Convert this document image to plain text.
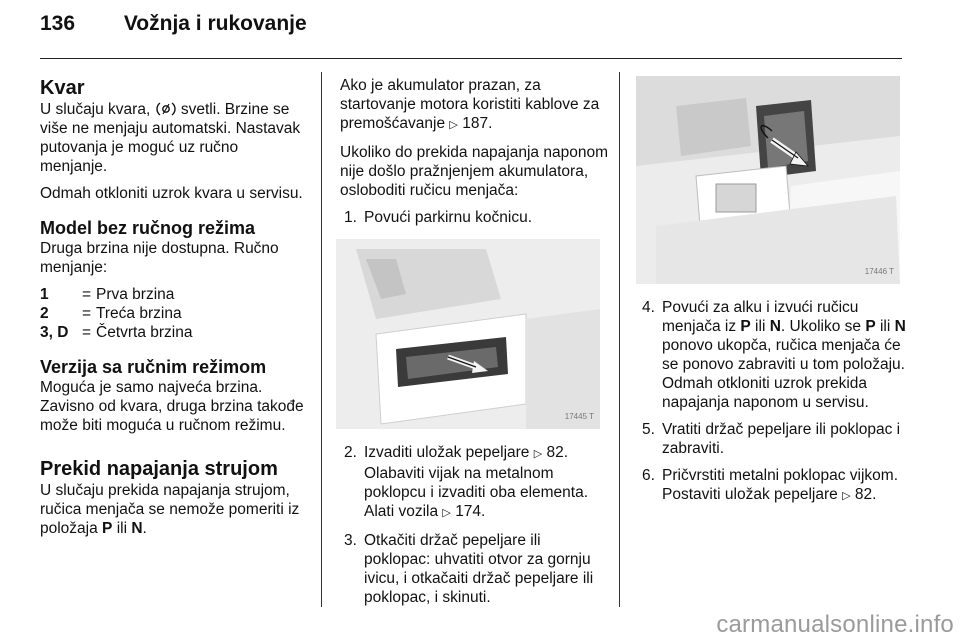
136 Vožnja i rukovanje
Kvar

U slučaju kvara,  svetli. Brzine se više ne menjaju automatski. Nastavak putovanja je moguć uz ručno menjanje.

Odmah otkloniti uzrok kvara u servisu.

Model bez ručnog režima

Druga brzina nije dostupna. Ručno menjanje:

1	=	Prva brzina
2	=	Treća brzina
3, D	=	Četvrta brzina
Verzija sa ručnim režimom

Moguća je samo najveća brzina. Zavisno od kvara, druga brzina takođe može biti moguća u ručnom režimu.

Prekid napajanja strujom

U slučaju prekida napajanja strujom, ručica menjača se nemože pomeriti iz položaja P ili N.

Ako je akumulator prazan, za startovanje motora koristiti kablove za premošćavanje ▷ 187.

Ukoliko do prekida napajanja naponom nije došlo pražnjenjem akumulatora, osloboditi ručicu menjača:

1. Povući parkirnu kočnicu.
17445 T
2. Izvaditi uložak pepeljare ▷ 82. Olabaviti vijak na metalnom poklopcu i izvaditi oba elementa. Alati vozila ▷ 174.
3. Otkačiti držač pepeljare ili poklopac: uhvatiti otvor za gornju ivicu, i otkačaiti držač pepeljare ili poklopac, i skinuti.
17446 T
4. Povući za alku i izvući ručicu menjača iz P ili N. Ukoliko se P ili N ponovo ukopča, ručica menjača će se ponovo zabraviti u tom položaju. Odmah otkloniti uzrok prekida napajanja naponom u servisu.
5. Vratiti držač pepeljare ili poklopac i zabraviti.
6. Pričvrstiti metalni poklopac vijkom. Postaviti uložak pepeljare ▷ 82.
carmanualsonline.info
